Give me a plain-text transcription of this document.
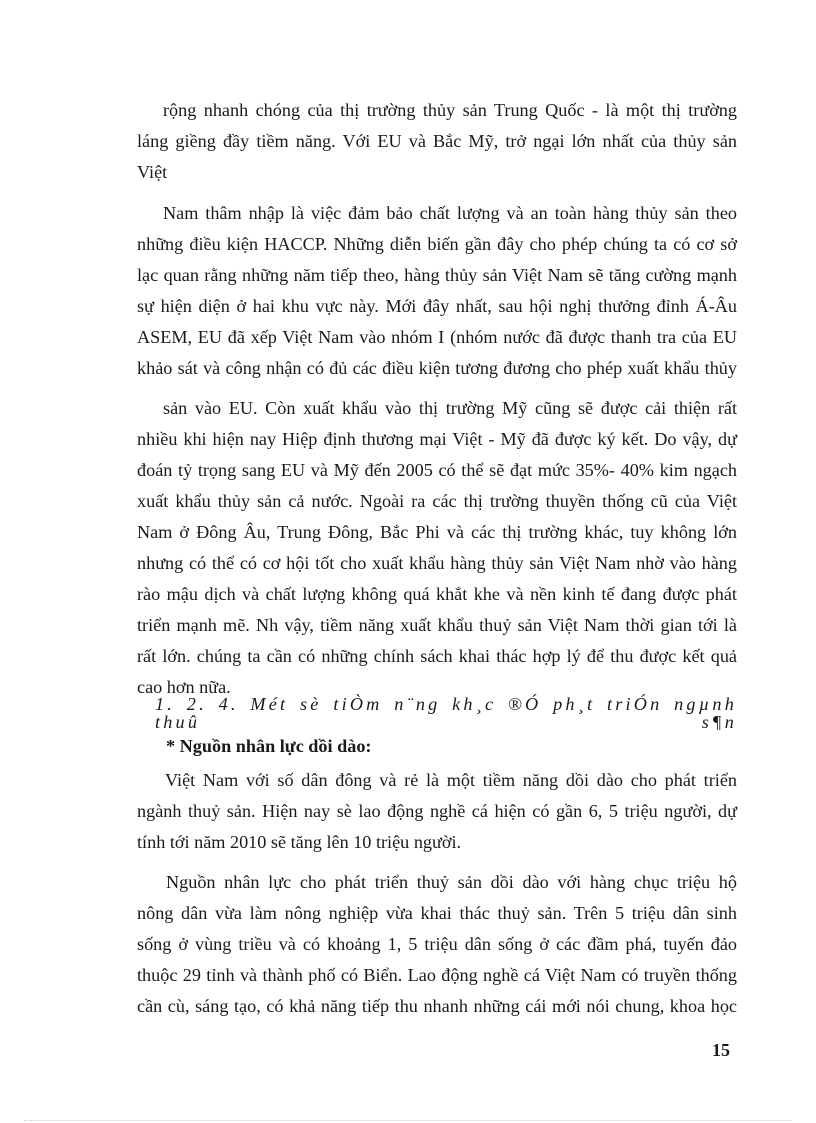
rộng nhanh chóng của thị trường thủy sản Trung Quốc - là một thị trường
láng giềng đầy tiềm năng. Với EU và Bắc Mỹ, trở ngại lớn nhất của thủy sản
Việt
Nam thâm nhập là việc đảm bảo chất lượng và an toàn hàng thủy sản theo
những điều kiện HACCP. Những diễn biến gần đây cho phép chúng ta có cơ sở
lạc quan rằng những năm tiếp theo, hàng thủy sản Việt Nam sẽ tăng cường mạnh
sự hiện diện ở hai khu vực này. Mới đây nhất, sau hội nghị thưởng đỉnh Á-Âu
ASEM, EU đã xếp Việt Nam vào nhóm I (nhóm nước đã được thanh tra của EU
khảo sát và công nhận có đủ các điều kiện tương đương cho phép xuất khẩu thủy
sản vào EU. Còn xuất khẩu vào thị trường Mỹ cũng sẽ được cải thiện rất
nhiều khi hiện nay Hiệp định thương mại Việt - Mỹ đã được ký kết. Do vậy, dự
đoán tỷ trọng sang EU và Mỹ đến 2005 có thể sẽ đạt mức 35%- 40% kim ngạch
xuất khẩu thủy sản cả nước. Ngoài ra các thị trường thuyền thống cũ của Việt
Nam ở Đông Âu, Trung Đông, Bắc Phi và các thị trường khác, tuy không lớn
nhưng có thể có cơ hội tốt cho xuất khẩu hàng thủy sản Việt Nam nhờ vào hàng
rào mậu dịch và chất lượng không quá khắt khe và nền kinh tế đang được phát
triển mạnh mẽ. Nh vậy, tiềm năng xuất khẩu thuỷ sản Việt Nam thời gian tới là
rất lớn. chúng ta cần có những chính sách khai thác hợp lý để thu được kết quả
cao hơn nữa.
1. 2. 4. Mét sè tiÒm n¨ng kh¸c ®Ó ph¸t triÓn ngµnh thuû s¶n
* Nguồn nhân lực dồi dào:
Việt Nam với số dân đông và rẻ là một tiềm năng dồi dào cho phát triển
ngành thuỷ sản. Hiện nay sè lao động nghề cá hiện có gần 6, 5 triệu người, dự
tính tới năm 2010 sẽ tăng lên 10 triệu người.
Nguồn nhân lực cho phát triển thuỷ sản dồi dào với hàng chục triệu hộ
nông dân vừa làm nông nghiệp vừa khai thác thuỷ sản. Trên 5 triệu dân sinh
sống ở vùng triều và có khoảng 1, 5 triệu dân sống ở các đầm phá, tuyến đảo
thuộc 29 tỉnh và thành phố có Biển. Lao động nghề cá Việt Nam có truyền thống
cần cù, sáng tạo, có khả năng tiếp thu nhanh những cái mới nói chung, khoa học
15
